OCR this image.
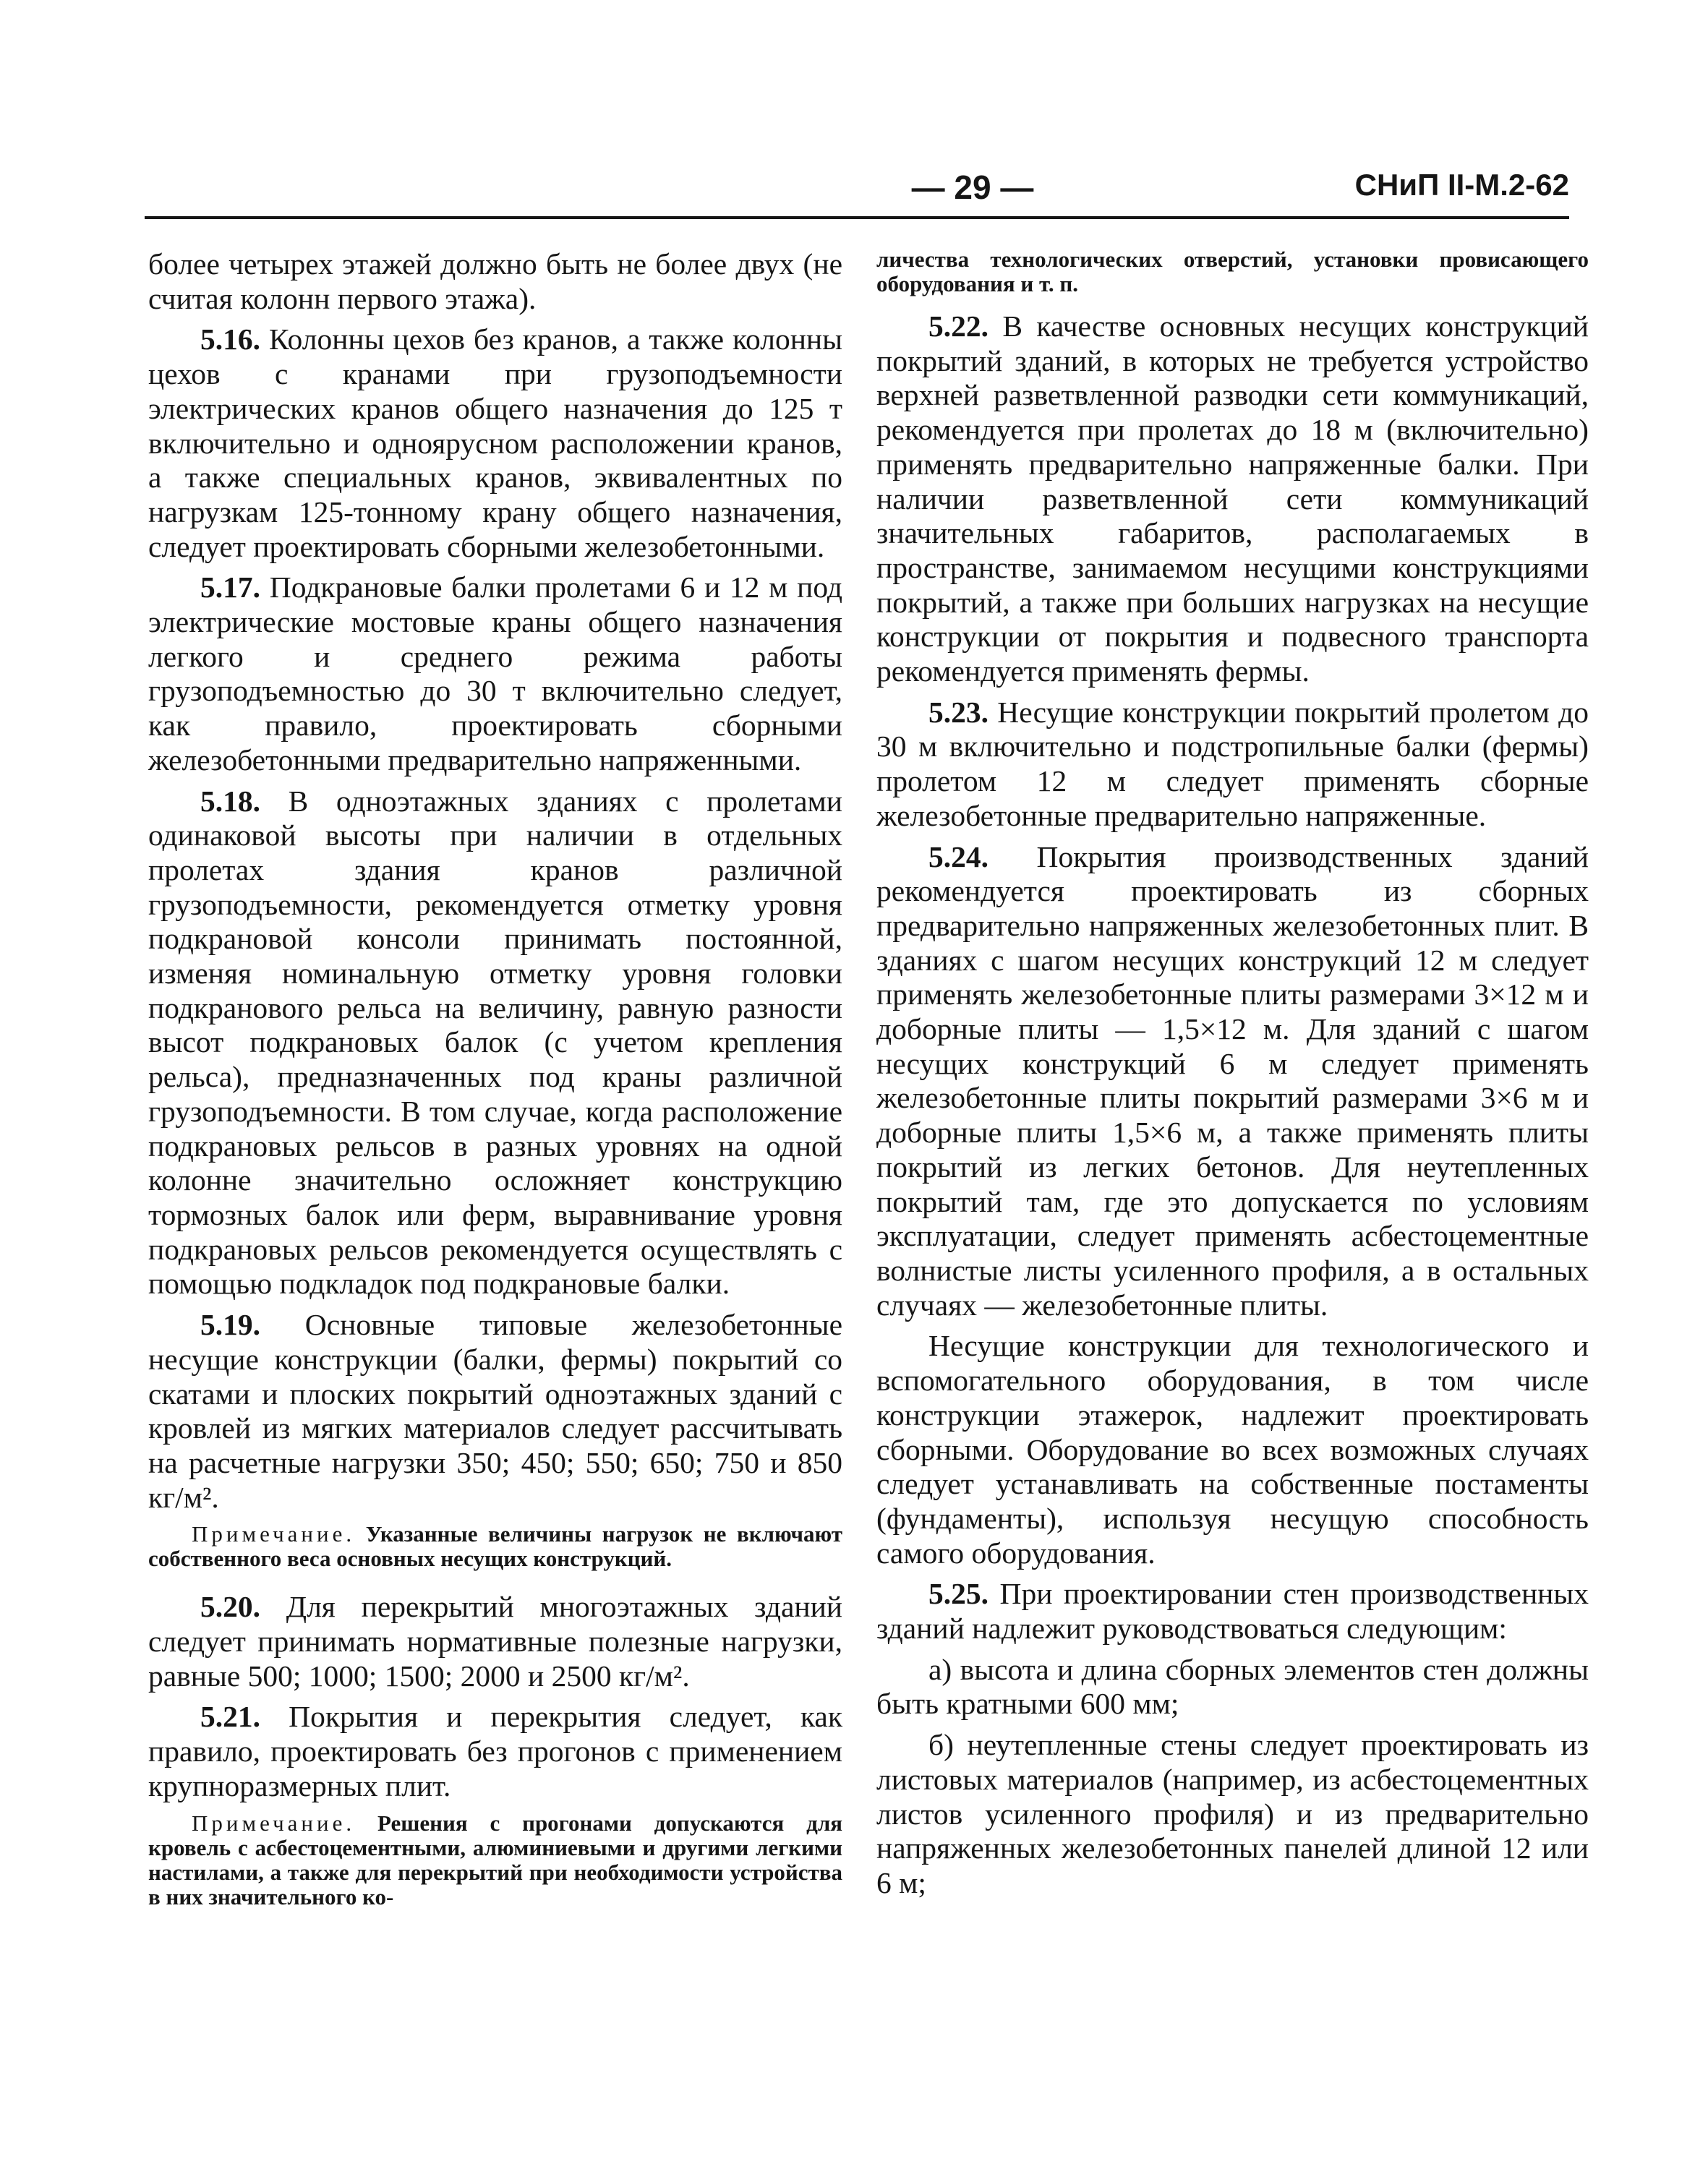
— 29 —	СНиП II-М.2-62

более четырех этажей должно быть не более двух (не считая колонн первого этажа).

5.16. Колонны цехов без кранов, а также колонны цехов с кранами при грузоподъемности электрических кранов общего назначения до 125 т включительно и одноярусном расположении кранов, а также специальных кранов, эквивалентных по нагрузкам 125-тонному крану общего назначения, следует проектировать сборными железобетонными.

5.17. Подкрановые балки пролетами 6 и 12 м под электрические мостовые краны общего назначения легкого и среднего режима работы грузоподъемностью до 30 т включительно следует, как правило, проектировать сборными железобетонными предварительно напряженными.

5.18. В одноэтажных зданиях с пролетами одинаковой высоты при наличии в отдельных пролетах здания кранов различной грузоподъемности, рекомендуется отметку уровня подкрановой консоли принимать постоянной, изменяя номинальную отметку уровня головки подкранового рельса на величину, равную разности высот подкрановых балок (с учетом крепления рельса), предназначенных под краны различной грузоподъемности. В том случае, когда расположение подкрановых рельсов в разных уровнях на одной колонне значительно осложняет конструкцию тормозных балок или ферм, выравнивание уровня подкрановых рельсов рекомендуется осуществлять с помощью подкладок под подкрановые балки.

5.19. Основные типовые железобетонные несущие конструкции (балки, фермы) покрытий со скатами и плоских покрытий одноэтажных зданий с кровлей из мягких материалов следует рассчитывать на расчетные нагрузки 350; 450; 550; 650; 750 и 850 кг/м².

Примечание. Указанные величины нагрузок не включают собственного веса основных несущих конструкций.

5.20. Для перекрытий многоэтажных зданий следует принимать нормативные полезные нагрузки, равные 500; 1000; 1500; 2000 и 2500 кг/м².

5.21. Покрытия и перекрытия следует, как правило, проектировать без прогонов с применением крупноразмерных плит.

Примечание. Решения с прогонами допускаются для кровель с асбестоцементными, алюминиевыми и другими легкими настилами, а также для перекрытий при необходимости устройства в них значительного ко-

личества технологических отверстий, установки провисающего оборудования и т. п.

5.22. В качестве основных несущих конструкций покрытий зданий, в которых не требуется устройство верхней разветвленной разводки сети коммуникаций, рекомендуется при пролетах до 18 м (включительно) применять предварительно напряженные балки. При наличии разветвленной сети коммуникаций значительных габаритов, располагаемых в пространстве, занимаемом несущими конструкциями покрытий, а также при больших нагрузках на несущие конструкции от покрытия и подвесного транспорта рекомендуется применять фермы.

5.23. Несущие конструкции покрытий пролетом до 30 м включительно и подстропильные балки (фермы) пролетом 12 м следует применять сборные железобетонные предварительно напряженные.

5.24. Покрытия производственных зданий рекомендуется проектировать из сборных предварительно напряженных железобетонных плит. В зданиях с шагом несущих конструкций 12 м следует применять железобетонные плиты размерами 3×12 м и доборные плиты — 1,5×12 м. Для зданий с шагом несущих конструкций 6 м следует применять железобетонные плиты покрытий размерами 3×6 м и доборные плиты 1,5×6 м, а также применять плиты покрытий из легких бетонов. Для неутепленных покрытий там, где это допускается по условиям эксплуатации, следует применять асбестоцементные волнистые листы усиленного профиля, а в остальных случаях — железобетонные плиты.

Несущие конструкции для технологического и вспомогательного оборудования, в том числе конструкции этажерок, надлежит проектировать сборными. Оборудование во всех возможных случаях следует устанавливать на собственные постаменты (фундаменты), используя несущую способность самого оборудования.

5.25. При проектировании стен производственных зданий надлежит руководствоваться следующим:

а) высота и длина сборных элементов стен должны быть кратными 600 мм;

б) неутепленные стены следует проектировать из листовых материалов (например, из асбестоцементных листов усиленного профиля) и из предварительно напряженных железобетонных панелей длиной 12 или 6 м;
